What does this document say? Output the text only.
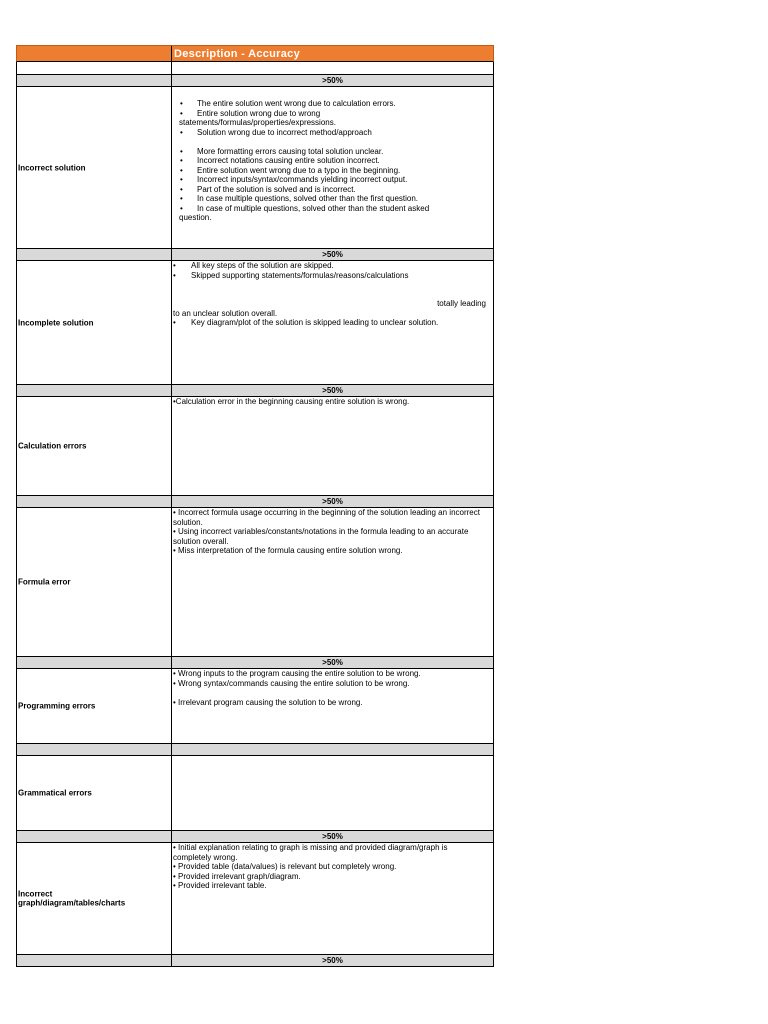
Description - Accuracy
>50%
Incorrect solution
• The entire solution went wrong due to calculation errors.
• Entire solution wrong due to wrong
statements/formulas/properties/expressions.
• Solution wrong due to incorrect method/approach
• More formatting errors causing total solution unclear.
• Incorrect notations causing entire solution incorrect.
• Entire solution went wrong due to a typo in the beginning.
• Incorrect inputs/syntax/commands yielding incorrect output.
• Part of the solution is solved and is incorrect.
• In case multiple questions, solved other than the first question.
• In case of multiple questions, solved other than the student asked
question.
>50%
Incomplete solution
• All key steps of the solution are skipped.
• Skipped supporting statements/formulas/reasons/calculations
totally leading
to an unclear solution overall.
• Key diagram/plot of the solution is skipped leading to unclear solution.
>50%
Calculation errors

•Calculation error in the beginning causing entire solution is wrong.

>50%
Formula error

• Incorrect formula usage occurring in the beginning of the solution leading an incorrect solution.

• Using incorrect variables/constants/notations in the formula leading to an accurate solution overall.

• Miss interpretation of the formula causing entire solution wrong.

>50%
Programming errors

• Wrong inputs to the program causing the entire solution to be wrong.

• Wrong syntax/commands causing the entire solution to be wrong.

• Irrelevant program causing the solution to be wrong.

Grammatical errors
>50%
Incorrect graph/diagram/tables/charts

• Initial explanation relating to graph is missing and provided diagram/graph is completely wrong.

• Provided table (data/values) is relevant but completely wrong.

• Provided irrelevant graph/diagram.

• Provided irrelevant table.

>50%
